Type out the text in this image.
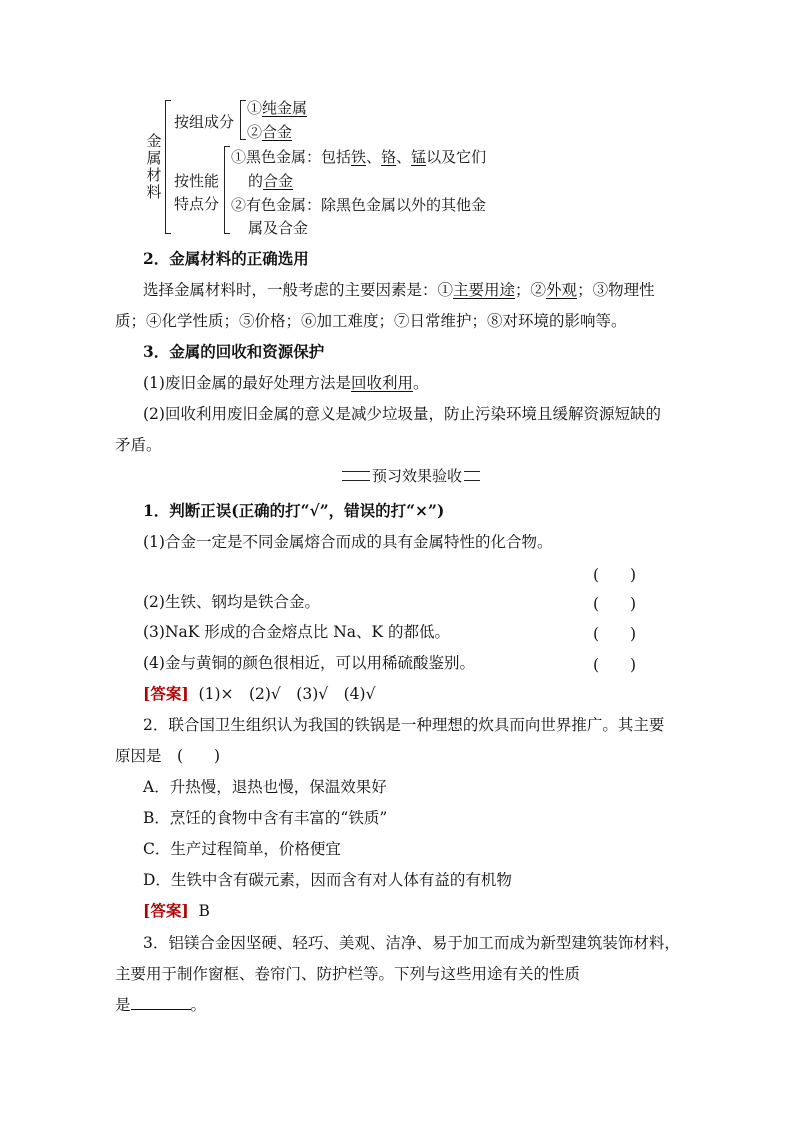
金属材料
按组成分
①纯金属
②合金
按性能
特点分
①黑色金属：包括铁、铬、锰以及它们
的合金
②有色金属：除黑色金属以外的其他金
属及合金
2．金属材料的正确选用
选择金属材料时，一般考虑的主要因素是：①主要用途；②外观；③物理性
质；④化学性质；⑤价格；⑥加工难度；⑦日常维护；⑧对环境的影响等。
3．金属的回收和资源保护
(1)废旧金属的最好处理方法是回收利用。
(2)回收利用废旧金属的意义是减少垃圾量，防止污染环境且缓解资源短缺的
矛盾。
预习效果验收
1．判断正误(正确的打“√”，错误的打“×”)
(1)合金一定是不同金属熔合而成的具有金属特性的化合物。
(　　)
(2)生铁、钢均是铁合金。	(　　)
(3)NaK 形成的合金熔点比 Na、K 的都低。	(　　)
(4)金与黄铜的颜色很相近，可以用稀硫酸鉴别。	(　　)
[答案] (1)×　(2)√　(3)√　(4)√
2．联合国卫生组织认为我国的铁锅是一种理想的炊具而向世界推广。其主要
原因是　(　　)
A．升热慢，退热也慢，保温效果好
B．烹饪的食物中含有丰富的“铁质”
C．生产过程简单，价格便宜
D．生铁中含有碳元素，因而含有对人体有益的有机物
[答案] B
3．铝镁合金因坚硬、轻巧、美观、洁净、易于加工而成为新型建筑装饰材料，
主要用于制作窗框、卷帘门、防护栏等。下列与这些用途有关的性质
是	。
